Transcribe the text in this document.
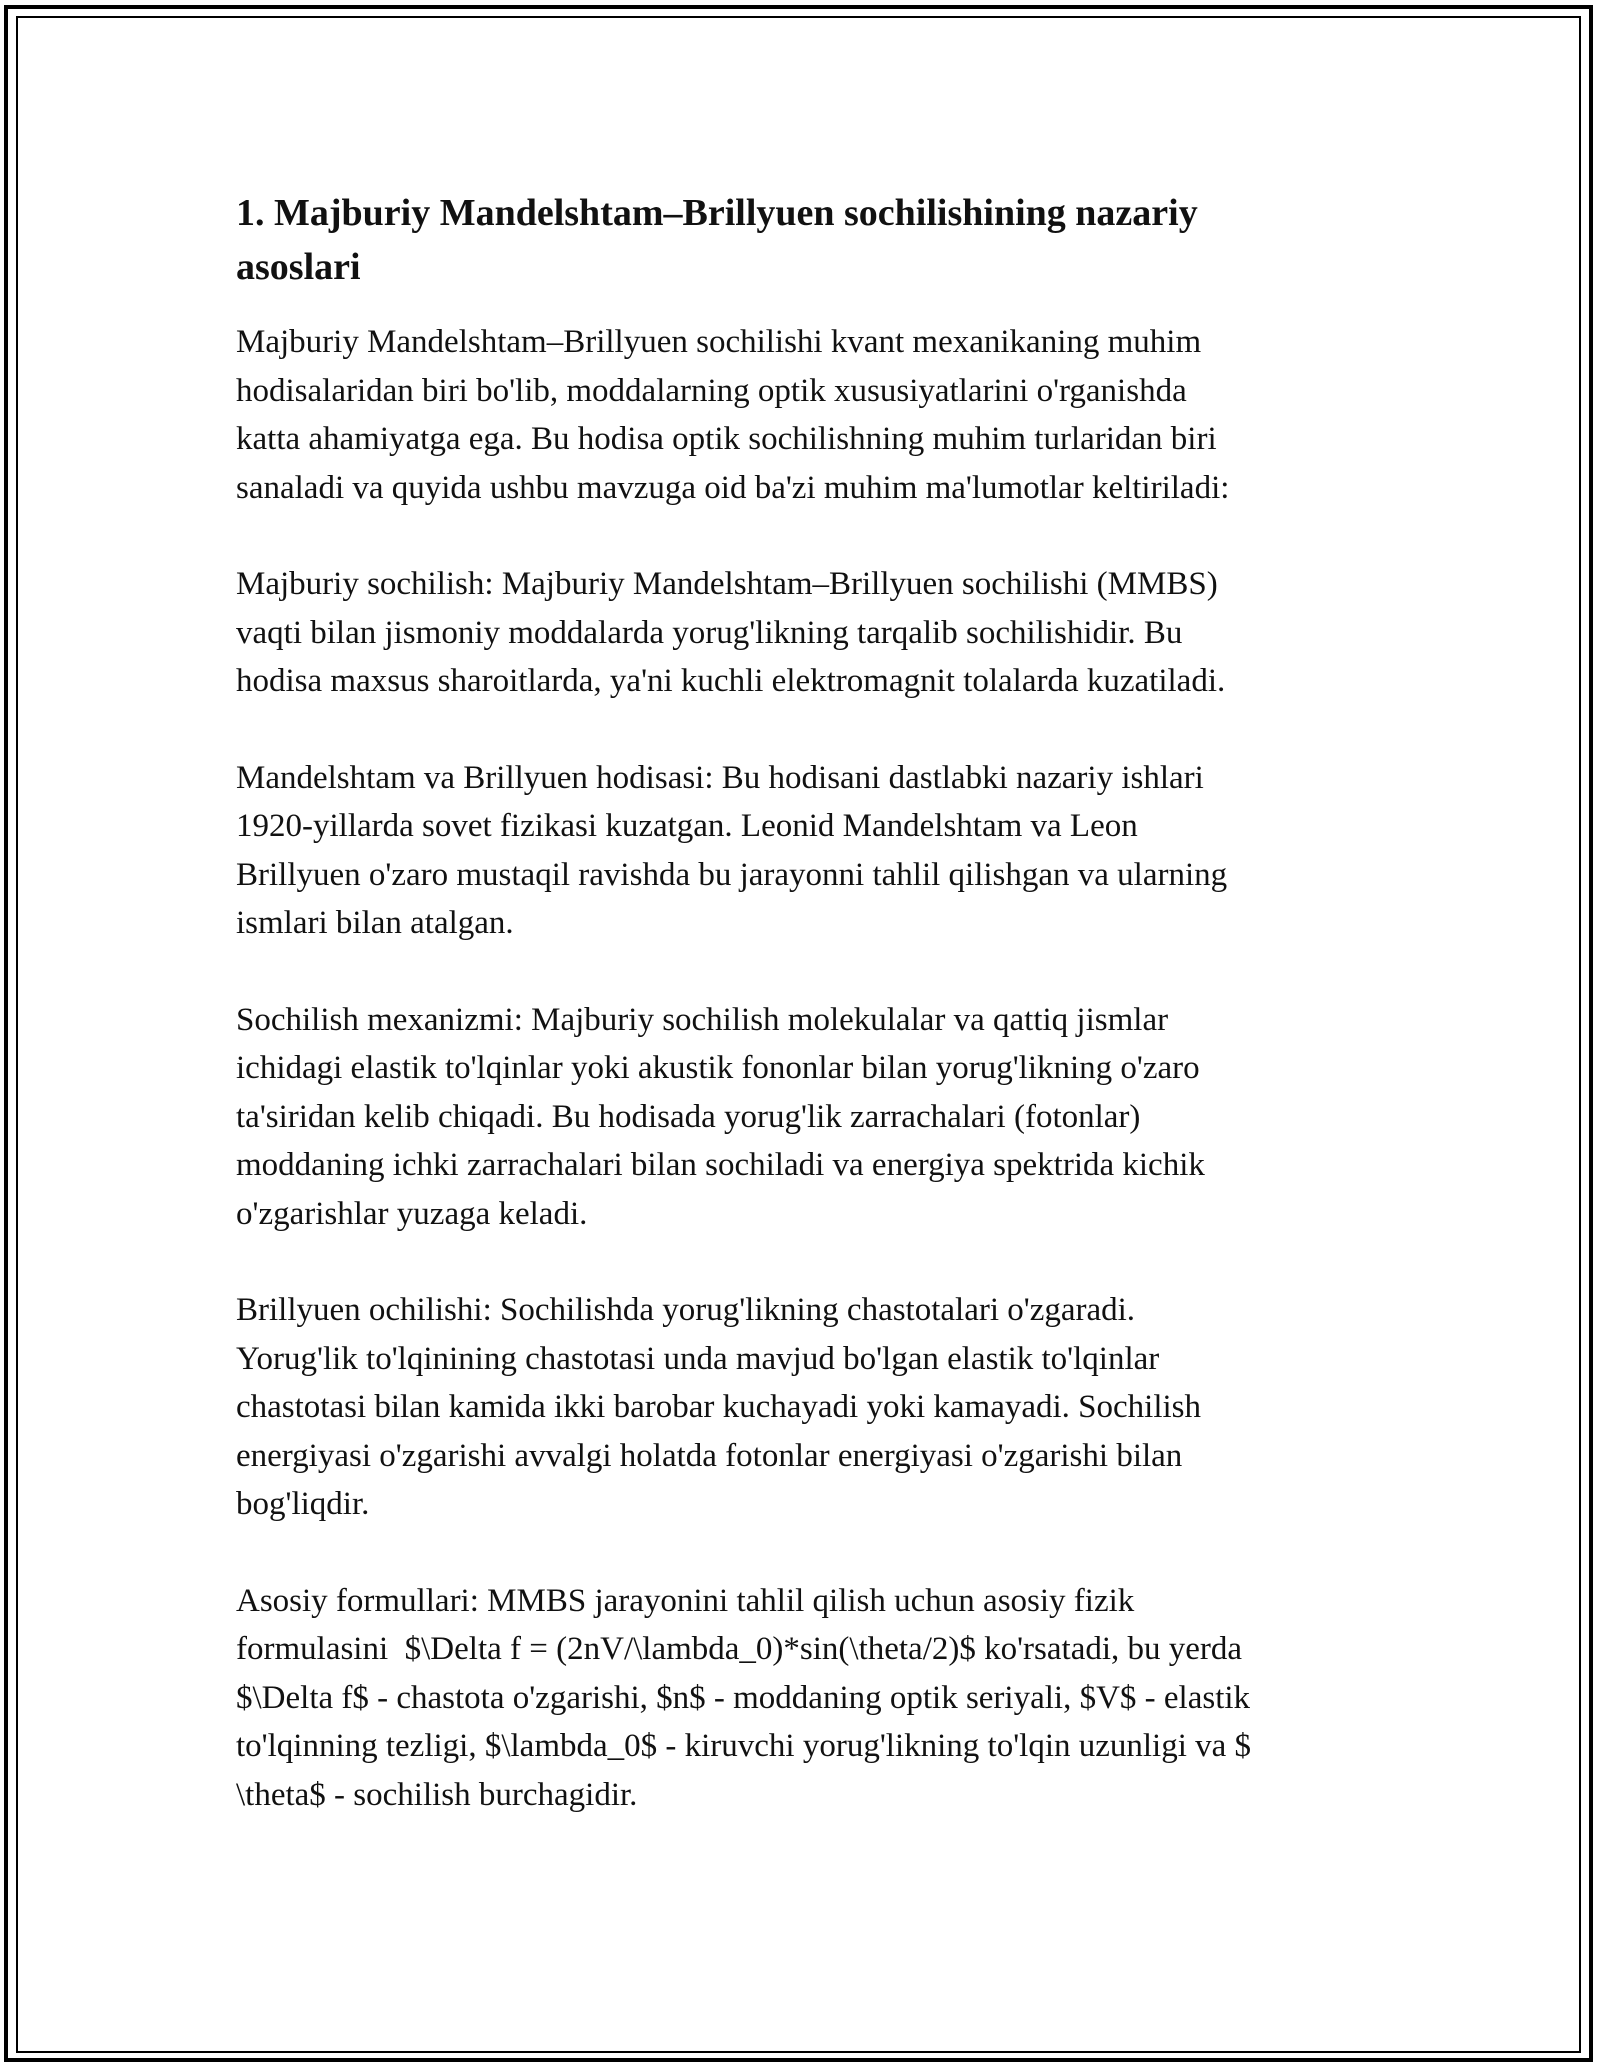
1. Majburiy Mandelshtam–Brillyuen sochilishining nazariy
asoslari

Majburiy Mandelshtam–Brillyuen sochilishi kvant mexanikaning muhim
hodisalaridan biri bo'lib, moddalarning optik xususiyatlarini o'rganishda
katta ahamiyatga ega. Bu hodisa optik sochilishning muhim turlaridan biri
sanaladi va quyida ushbu mavzuga oid ba'zi muhim ma'lumotlar keltiriladi:

Majburiy sochilish: Majburiy Mandelshtam–Brillyuen sochilishi (MMBS)
vaqti bilan jismoniy moddalarda yorug'likning tarqalib sochilishidir. Bu
hodisa maxsus sharoitlarda, ya'ni kuchli elektromagnit tolalarda kuzatiladi.

Mandelshtam va Brillyuen hodisasi: Bu hodisani dastlabki nazariy ishlari
1920-yillarda sovet fizikasi kuzatgan. Leonid Mandelshtam va Leon
Brillyuen o'zaro mustaqil ravishda bu jarayonni tahlil qilishgan va ularning
ismlari bilan atalgan.

Sochilish mexanizmi: Majburiy sochilish molekulalar va qattiq jismlar
ichidagi elastik to'lqinlar yoki akustik fononlar bilan yorug'likning o'zaro
ta'siridan kelib chiqadi. Bu hodisada yorug'lik zarrachalari (fotonlar)
moddaning ichki zarrachalari bilan sochiladi va energiya spektrida kichik
o'zgarishlar yuzaga keladi.

Brillyuen ochilishi: Sochilishda yorug'likning chastotalari o'zgaradi.
Yorug'lik to'lqinining chastotasi unda mavjud bo'lgan elastik to'lqinlar
chastotasi bilan kamida ikki barobar kuchayadi yoki kamayadi. Sochilish
energiyasi o'zgarishi avvalgi holatda fotonlar energiyasi o'zgarishi bilan
bog'liqdir.

Asosiy formullari: MMBS jarayonini tahlil qilish uchun asosiy fizik
formulasini  $\Delta f = (2nV/\lambda_0)*sin(\theta/2)$ ko'rsatadi, bu yerda
$\Delta f$ - chastota o'zgarishi, $n$ - moddaning optik seriyali, $V$ - elastik
to'lqinning tezligi, $\lambda_0$ - kiruvchi yorug'likning to'lqin uzunligi va $
\theta$ - sochilish burchagidir.
